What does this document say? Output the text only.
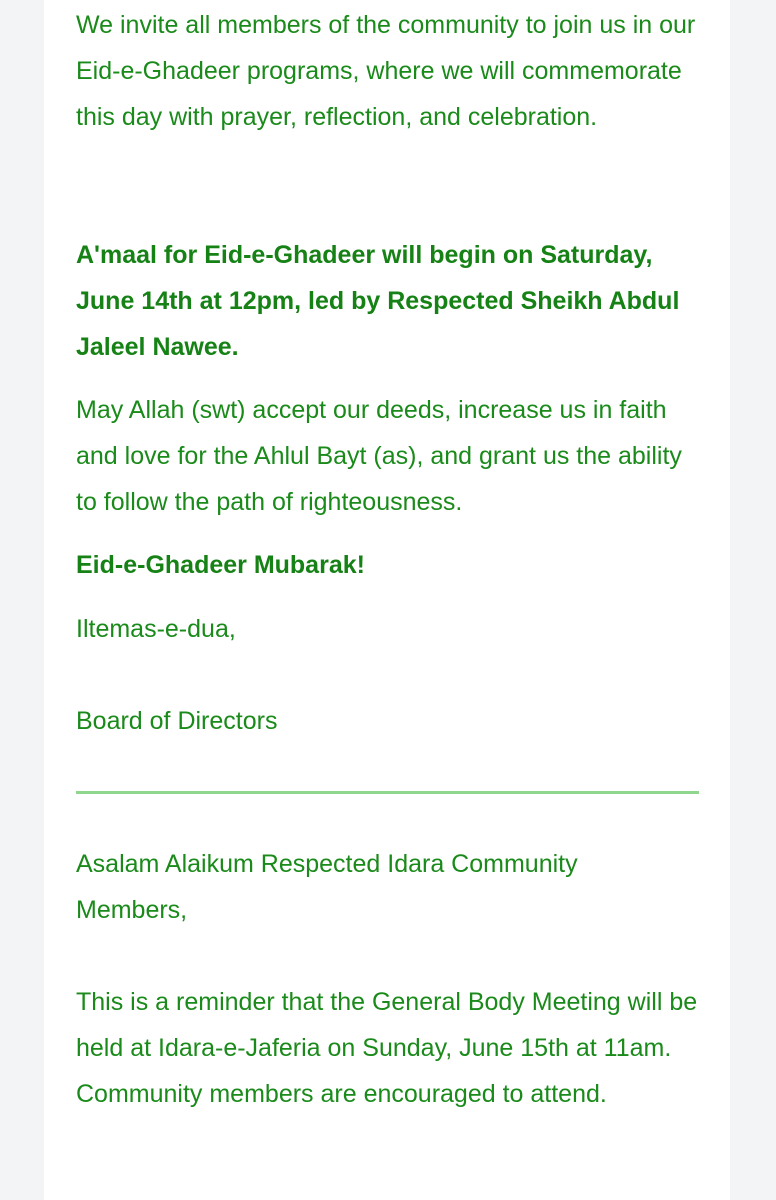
We invite all members of the community to join us in our Eid-e-Ghadeer programs, where we will commemorate this day with prayer, reflection, and celebration.

A'maal for Eid-e-Ghadeer will begin on Saturday, June 14th at 12pm, led by Respected Sheikh Abdul Jaleel Nawee.

May Allah (swt) accept our deeds, increase us in faith and love for the Ahlul Bayt (as), and grant us the ability to follow the path of righteousness.

Eid-e-Ghadeer Mubarak!

Iltemas-e-dua,

Board of Directors

Asalam Alaikum Respected Idara Community Members,

This is a reminder that the General Body Meeting will be held at Idara-e-Jaferia on Sunday, June 15th at 11am. Community members are encouraged to attend.
